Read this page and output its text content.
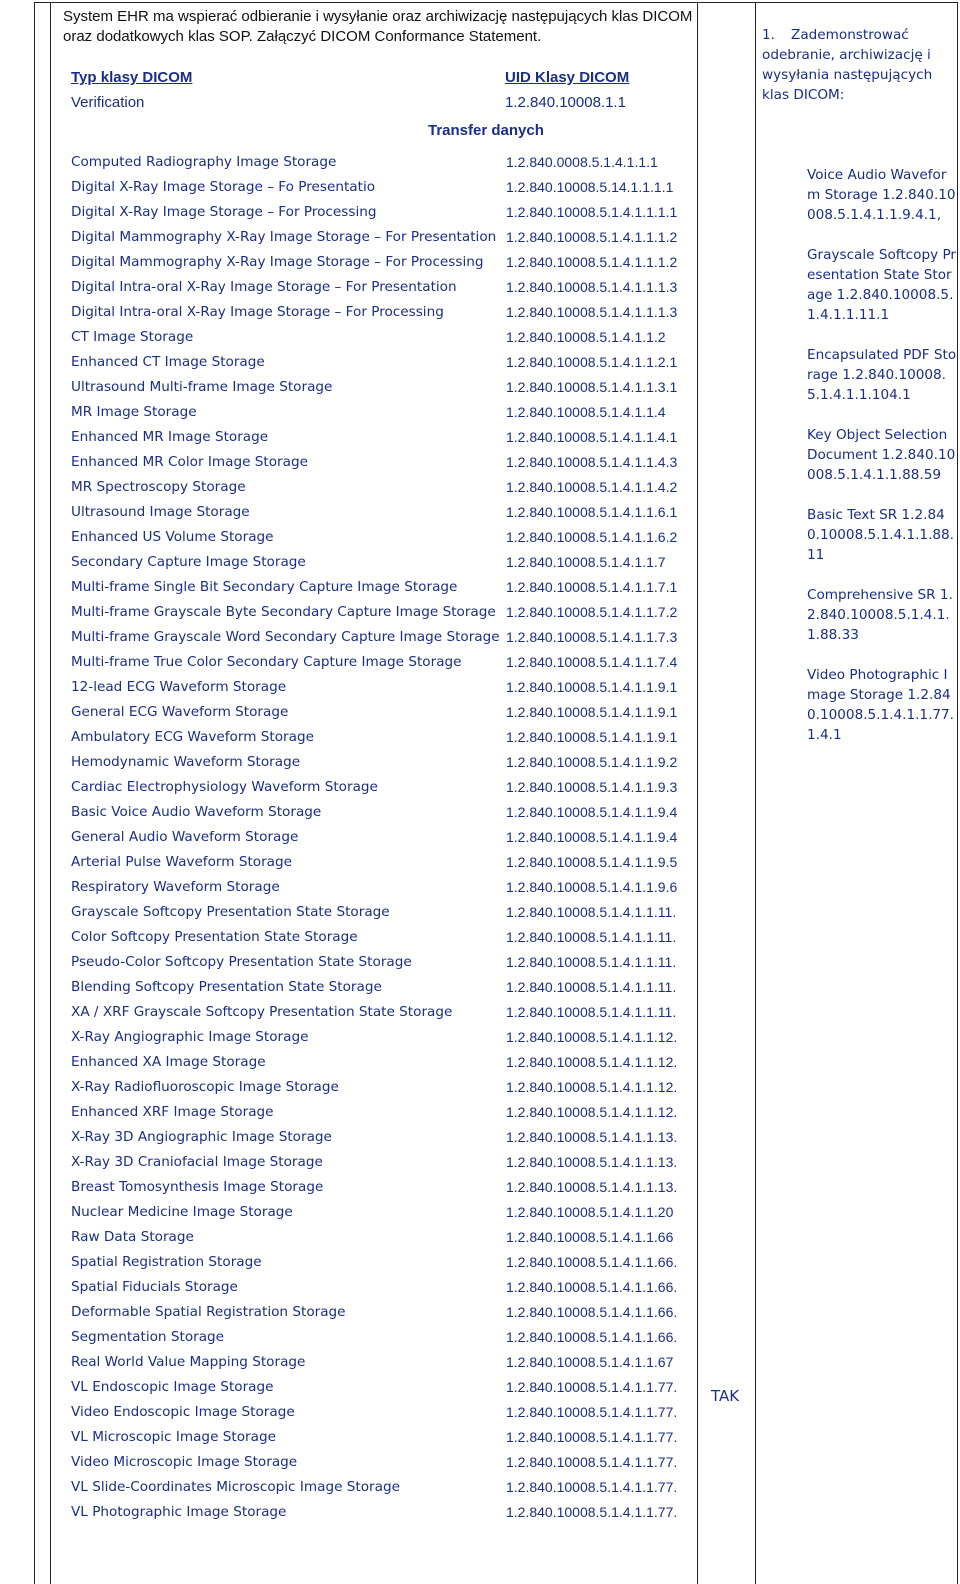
System EHR ma wspierać odbieranie i wysyłanie oraz archiwizację następujących klas DICOM oraz dodatkowych klas SOP. Załączyć DICOM Conformance Statement.

Typ klasy DICOM	UID Klasy DICOM
Verification	1.2.840.10008.1.1
Transfer danych
Computed Radiography Image Storage	1.2.840.0008.5.1.4.1.1.1
Digital X-Ray Image Storage – Fo Presentatio	1.2.840.10008.5.14.1.1.1.1
Digital X-Ray Image Storage – For Processing	1.2.840.10008.5.1.4.1.1.1.1
Digital Mammography X-Ray Image Storage – For Presentation 1.2.840.10008.5.1.4.1.1.1.2
Digital Mammography X-Ray Image Storage – For Processing	1.2.840.10008.5.1.4.1.1.1.2
Digital Intra-oral X-Ray Image Storage – For Presentation	1.2.840.10008.5.1.4.1.1.1.3
Digital Intra-oral X-Ray Image Storage – For Processing	1.2.840.10008.5.1.4.1.1.1.3
CT Image Storage	1.2.840.10008.5.1.4.1.1.2
Enhanced CT Image Storage	1.2.840.10008.5.1.4.1.1.2.1
Ultrasound Multi-frame Image Storage	1.2.840.10008.5.1.4.1.1.3.1
MR Image Storage	1.2.840.10008.5.1.4.1.1.4
Enhanced MR Image Storage	1.2.840.10008.5.1.4.1.1.4.1
Enhanced MR Color Image Storage	1.2.840.10008.5.1.4.1.1.4.3
MR Spectroscopy Storage	1.2.840.10008.5.1.4.1.1.4.2
Ultrasound Image Storage	1.2.840.10008.5.1.4.1.1.6.1
Enhanced US Volume Storage	1.2.840.10008.5.1.4.1.1.6.2
Secondary Capture Image Storage	1.2.840.10008.5.1.4.1.1.7
Multi-frame Single Bit Secondary Capture Image Storage	1.2.840.10008.5.1.4.1.1.7.1
Multi-frame Grayscale Byte Secondary Capture Image Storage 1.2.840.10008.5.1.4.1.1.7.2
Multi-frame Grayscale Word Secondary Capture Image Storage 1.2.840.10008.5.1.4.1.1.7.3
Multi-frame True Color Secondary Capture Image Storage	1.2.840.10008.5.1.4.1.1.7.4
12-lead ECG Waveform Storage	1.2.840.10008.5.1.4.1.1.9.1
General ECG Waveform Storage	1.2.840.10008.5.1.4.1.1.9.1
Ambulatory ECG Waveform Storage	1.2.840.10008.5.1.4.1.1.9.1
Hemodynamic Waveform Storage	1.2.840.10008.5.1.4.1.1.9.2
Cardiac Electrophysiology Waveform Storage	1.2.840.10008.5.1.4.1.1.9.3
Basic Voice Audio Waveform Storage	1.2.840.10008.5.1.4.1.1.9.4
General Audio Waveform Storage	1.2.840.10008.5.1.4.1.1.9.4
Arterial Pulse Waveform Storage	1.2.840.10008.5.1.4.1.1.9.5
Respiratory Waveform Storage	1.2.840.10008.5.1.4.1.1.9.6
Grayscale Softcopy Presentation State Storage	1.2.840.10008.5.1.4.1.1.11.
Color Softcopy Presentation State Storage	1.2.840.10008.5.1.4.1.1.11.
Pseudo-Color Softcopy Presentation State Storage	1.2.840.10008.5.1.4.1.1.11.
Blending Softcopy Presentation State Storage	1.2.840.10008.5.1.4.1.1.11.
XA / XRF Grayscale Softcopy Presentation State Storage	1.2.840.10008.5.1.4.1.1.11.
X-Ray Angiographic Image Storage	1.2.840.10008.5.1.4.1.1.12.
Enhanced XA Image Storage	1.2.840.10008.5.1.4.1.1.12.
X-Ray Radiofluoroscopic Image Storage	1.2.840.10008.5.1.4.1.1.12.
Enhanced XRF Image Storage	1.2.840.10008.5.1.4.1.1.12.
X-Ray 3D Angiographic Image Storage	1.2.840.10008.5.1.4.1.1.13.
X-Ray 3D Craniofacial Image Storage	1.2.840.10008.5.1.4.1.1.13.
Breast Tomosynthesis Image Storage	1.2.840.10008.5.1.4.1.1.13.
Nuclear Medicine Image Storage	1.2.840.10008.5.1.4.1.1.20
Raw Data Storage	1.2.840.10008.5.1.4.1.1.66
Spatial Registration Storage	1.2.840.10008.5.1.4.1.1.66.
Spatial Fiducials Storage	1.2.840.10008.5.1.4.1.1.66.
Deformable Spatial Registration Storage	1.2.840.10008.5.1.4.1.1.66.
Segmentation Storage	1.2.840.10008.5.1.4.1.1.66.
Real World Value Mapping Storage	1.2.840.10008.5.1.4.1.1.67
VL Endoscopic Image Storage	1.2.840.10008.5.1.4.1.1.77.
Video Endoscopic Image Storage	1.2.840.10008.5.1.4.1.1.77.
VL Microscopic Image Storage	1.2.840.10008.5.1.4.1.1.77.
Video Microscopic Image Storage	1.2.840.10008.5.1.4.1.1.77.
VL Slide-Coordinates Microscopic Image Storage	1.2.840.10008.5.1.4.1.1.77.
VL Photographic Image Storage	1.2.840.10008.5.1.4.1.1.77.
TAK

1. Zademonstrować odebranie, archiwizację i wysyłania następujących klas DICOM:

Voice Audio Waveform Storage 1.2.840.10008.5.1.4.1.1.9.4.1,
Grayscale Softcopy Presentation State Storage 1.2.840.10008.5.1.4.1.1.11.1
Encapsulated PDF Storage 1.2.840.10008.5.1.4.1.1.104.1
Key Object Selection Document 1.2.840.10008.5.1.4.1.1.88.59
Basic Text SR 1.2.840.10008.5.1.4.1.1.88.11
Comprehensive SR 1.2.840.10008.5.1.4.1.1.88.33
Video Photographic Image Storage 1.2.840.10008.5.1.4.1.1.77.1.4.1
